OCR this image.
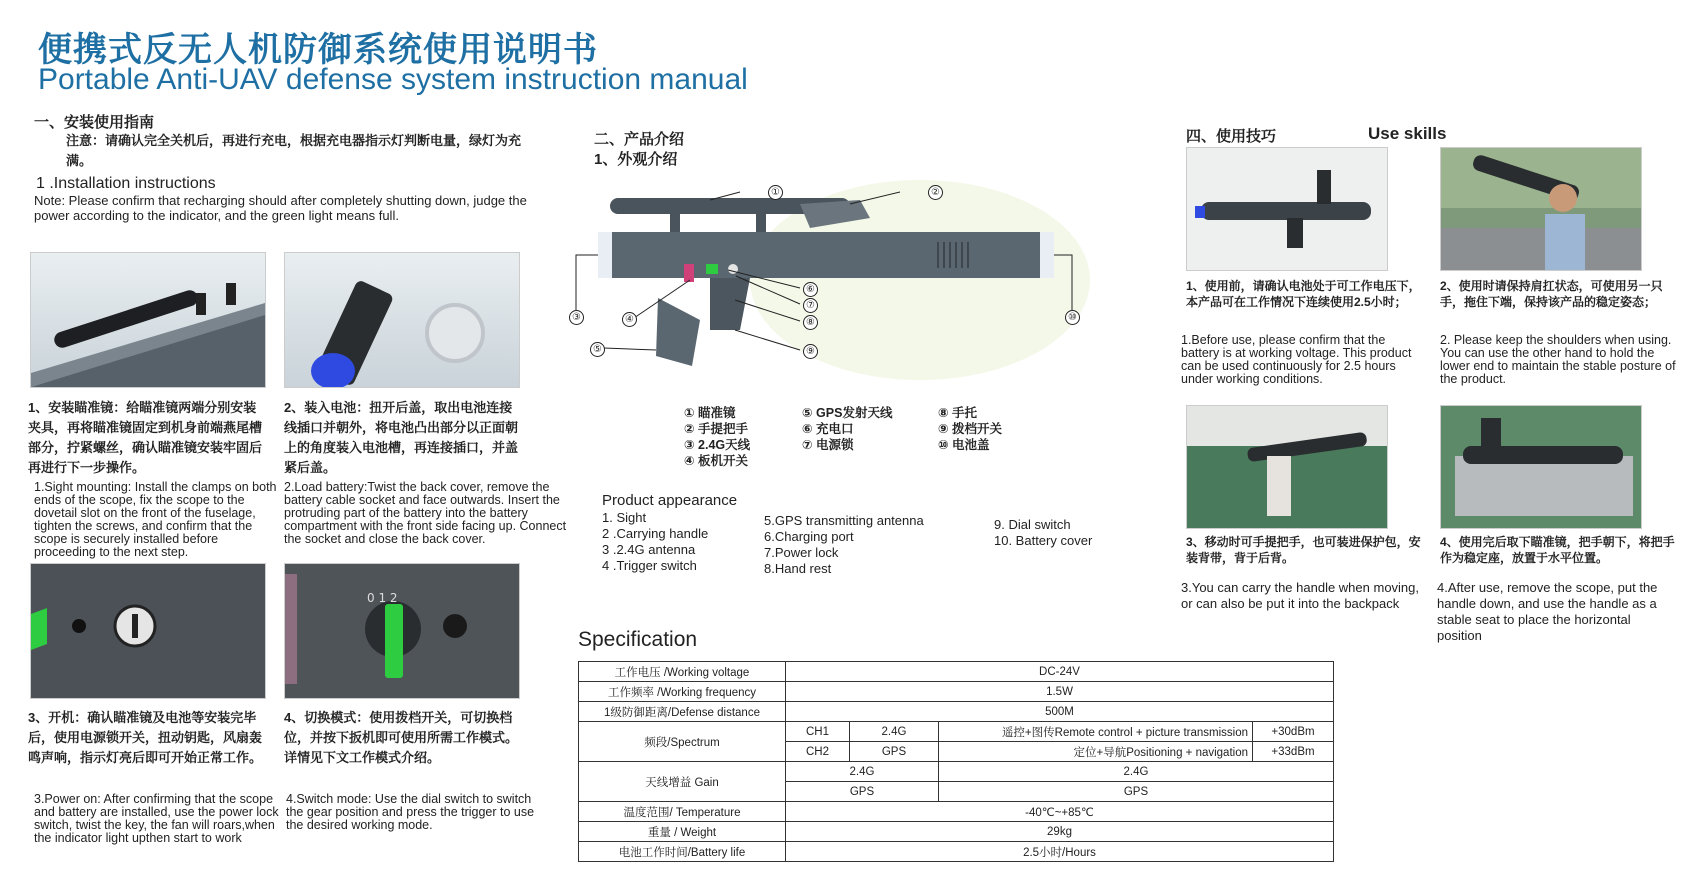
便携式反无人机防御系统使用说明书
Portable Anti-UAV defense system instruction manual
一、安装使用指南
注意：请确认完全关机后，再进行充电，根据充电器指示灯判断电量，绿灯为充满。
1 .Installation instructions
Note: Please confirm that recharging should after completely shutting down, judge the power according to the indicator, and the green light means full.
1、安装瞄准镜：给瞄准镜两端分别安装夹具，再将瞄准镜固定到机身前端燕尾槽部分，拧紧螺丝，确认瞄准镜安装牢固后再进行下一步操作。
1.Sight mounting: Install the clamps on both ends of the scope, fix the scope to the dovetail slot on the front of the fuselage, tighten the screws, and confirm that the scope is securely installed before proceeding to the next step.
2、装入电池：扭开后盖，取出电池连接线插口并朝外，将电池凸出部分以正面朝上的角度装入电池槽，再连接插口，并盖紧后盖。
2.Load battery:Twist the back cover, remove the battery cable socket and face outwards. Insert the protruding part of the battery into the battery compartment with the front side facing up. Connect the socket and close the back cover.
0 1 2
3、开机：确认瞄准镜及电池等安装完毕后，使用电源锁开关，扭动钥匙，风扇轰鸣声响，指示灯亮后即可开始正常工作。
3.Power on: After confirming that the scope and battery are installed, use the power lock switch, twist the key, the fan will roars,when the indicator light upthen start to work
4、切换模式：使用拨档开关，可切换档位，并按下扳机即可使用所需工作模式。详情见下文工作模式介绍。
4.Switch mode: Use the dial switch to switch the gear position and press the trigger to use the desired working mode.
二、产品介绍
1、外观介绍
①	②
③	④
⑤
⑥
⑦
⑧
⑨
⑩
① 瞄准镜	⑤ GPS发射天线	⑧ 手托
② 手提把手	⑥ 充电口	⑨ 拨档开关
③ 2.4G天线	⑦ 电源锁	⑩ 电池盖
④ 板机开关
Product appearance
1. Sight
2 .Carrying handle
3 .2.4G antenna
4 .Trigger switch
5.GPS transmitting antenna
6.Charging port
7.Power lock
8.Hand rest
9. Dial switch
10. Battery cover
Specification
工作电压 /Working voltage	DC-24V			
工作频率 /Working frequency	1.5W			
1级防御距离/Defense distance	500M			
频段/Spectrum	CH1	2.4G	遥控+图传Remote control + picture transmission	+30dBm
	CH2	GPS	定位+导航Positioning + navigation	+33dBm
天线增益 Gain	2.4G		2.4G	
	GPS		GPS	
温度范围/ Temperature	-40℃~+85℃			
重量 / Weight	29kg			
电池工作时间/Battery life	2.5小时/Hours			
四、使用技巧	Use skills
1、使用前，请确认电池处于可工作电压下，本产品可在工作情况下连续使用2.5小时；
1.Before use, please confirm that the battery is at working voltage. This product can be used continuously for 2.5 hours under working conditions.
2、使用时请保持肩扛状态，可使用另一只手，拖住下端，保持该产品的稳定姿态；
2. Please keep the shoulders when using. You can use the other hand to hold the lower end to maintain the stable posture of the product.
3、移动时可手提把手，也可装进保护包，安装背带，背于后背。
3.You can carry the handle when moving, or can also be put it into the backpack
4、使用完后取下瞄准镜，把手朝下，将把手作为稳定座，放置于水平位置。
4.After use, remove the scope, put the handle down, and use the handle as a stable seat to place the horizontal position
